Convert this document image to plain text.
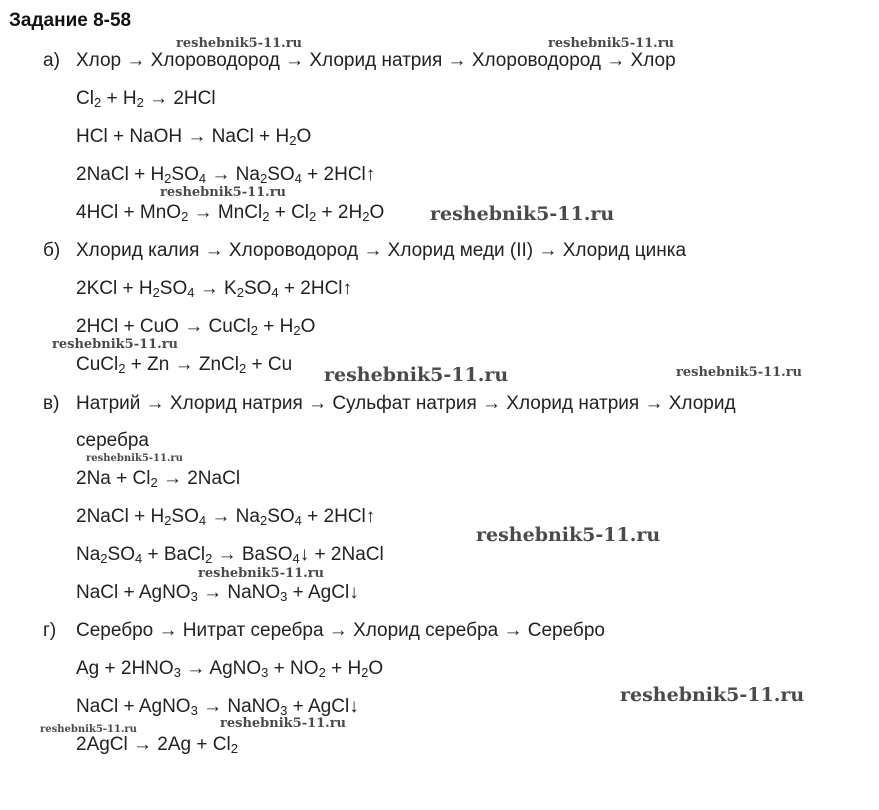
Задание 8-58
а) Хлор → Хлороводород → Хлорид натрия → Хлороводород → Хлор
$Cl_2 + H_2 \to 2HCl$
HCl + NaOH → NaCl + $H_2O$
2NaCl + $H_2SO_4 \to Na_2SO_4$ + 2HCl↑
4HCl + MnO$_2$ → MnCl$_2$ + $Cl_2 + 2H_2O$
б) Хлорид калия → Хлороводород → Хлорид меди (II) → Хлорид цинка
$2KCl + H_2SO_4 \to K_2SO_4$ + 2HCl↑
2HCl + CuO → CuCl$_2$ + $H_2O$
CuCl$_2$ + Zn → ZnCl$_2$ + Cu
в) Натрий → Хлорид натрия → Сульфат натрия → Хлорид натрия → Хлорид
серебра
$2Na + Cl_2$ → 2NaCl
2NaCl + $H_2SO_4 \to Na_2SO_4$ + 2HCl↑
$Na_2SO_4$ + BaCl$_2$ → BaSO$_4$↓ + 2NaCl
NaCl + AgNO$_3$ → NaNO$_3$ + AgCl↓
г) Серебро → Нитрат серебра → Хлорид серебра → Серебро
$Ag + 2HNO_3$ → AgNO$_3$ + $NO_2 + H_2O$
NaCl + AgNO$_3$ → NaNO$_3$ + AgCl↓
2AgCl → $2Ag + Cl_2$
reshebnik5-11.ru	reshebnik5-11.ru
reshebnik5-11.ru
reshebnik5-11.ru
reshebnik5-11.ru
reshebnik5-11.ru	reshebnik5-11.ru
reshebnik5-11.ru
reshebnik5-11.ru
reshebnik5-11.ru
reshebnik5-11.ru
reshebnik5-11.ru
reshebnik5-11.ru
